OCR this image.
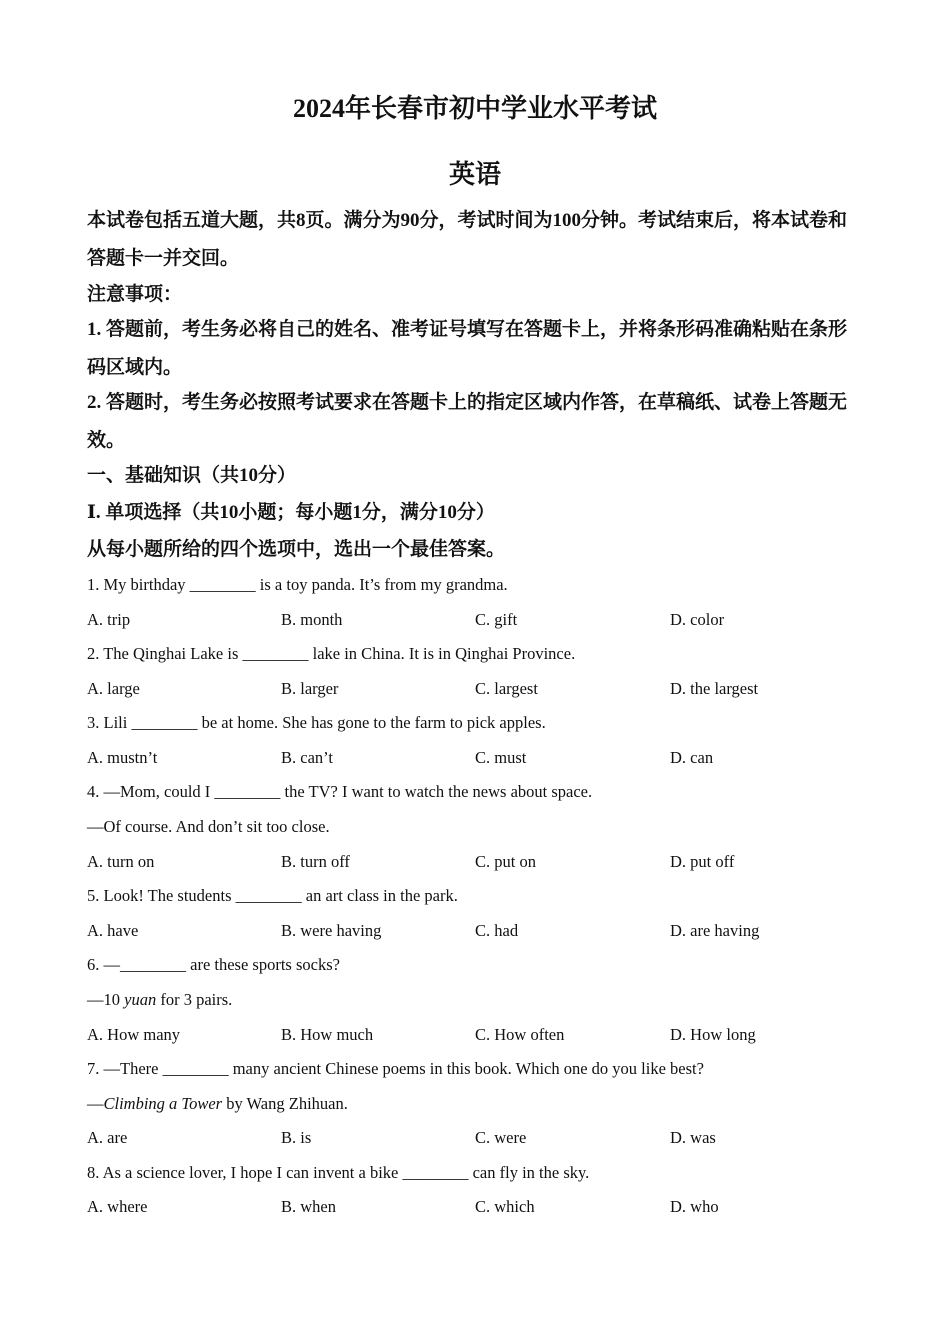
2024年长春市初中学业水平考试
英语
本试卷包括五道大题，共8页。满分为90分，考试时间为100分钟。考试结束后，将本试卷和答题卡一并交回。
注意事项：
1. 答题前，考生务必将自己的姓名、准考证号填写在答题卡上，并将条形码准确粘贴在条形码区域内。
2. 答题时，考生务必按照考试要求在答题卡上的指定区域内作答，在草稿纸、试卷上答题无效。
一、基础知识（共10分）
Ⅰ. 单项选择（共10小题；每小题1分，满分10分）
从每小题所给的四个选项中，选出一个最佳答案。
1. My birthday ________ is a toy panda. It’s from my grandma.
A. trip	B. month	C. gift	D. color
2. The Qinghai Lake is ________ lake in China. It is in Qinghai Province.
A. large	B. larger	C. largest	D. the largest
3. Lili ________ be at home. She has gone to the farm to pick apples.
A. mustn’t	B. can’t	C. must	D. can
4. —Mom, could I ________ the TV? I want to watch the news about space.
—Of course. And don’t sit too close.
A. turn on	B. turn off	C. put on	D. put off
5. Look! The students ________ an art class in the park.
A. have	B. were having	C. had	D. are having
6. —________ are these sports socks?
—10 yuan for 3 pairs.
A. How many	B. How much	C. How often	D. How long
7. —There ________ many ancient Chinese poems in this book. Which one do you like best?
—Climbing a Tower by Wang Zhihuan.
A. are	B. is	C. were	D. was
8. As a science lover, I hope I can invent a bike ________ can fly in the sky.
A. where	B. when	C. which	D. who
